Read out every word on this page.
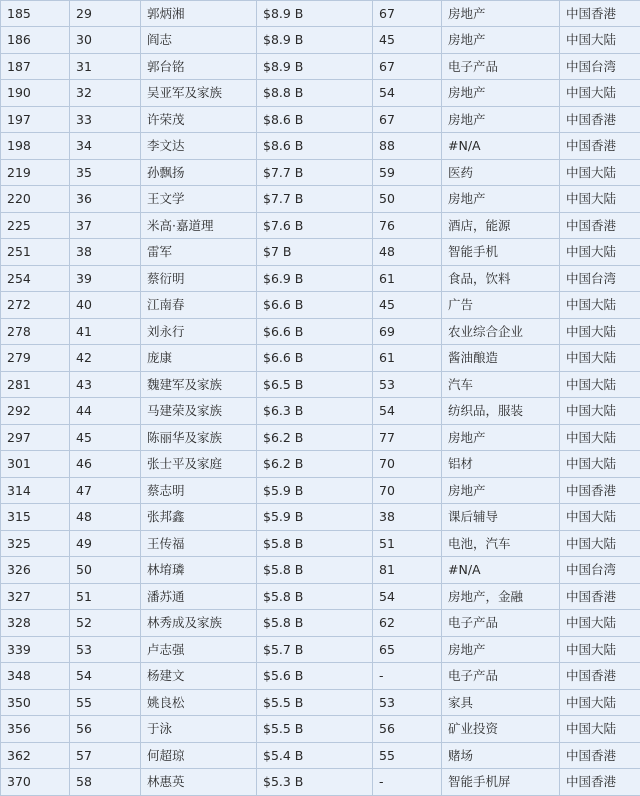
185	29	郭炳湘	$8.9 B	67	房地产	中国香港
186	30	阎志	$8.9 B	45	房地产	中国大陆
187	31	郭台铭	$8.9 B	67	电子产品	中国台湾
190	32	吴亚军及家族	$8.8 B	54	房地产	中国大陆
197	33	许荣茂	$8.6 B	67	房地产	中国香港
198	34	李文达	$8.6 B	88	#N/A	中国香港
219	35	孙飘扬	$7.7 B	59	医药	中国大陆
220	36	王文学	$7.7 B	50	房地产	中国大陆
225	37	米高·嘉道理	$7.6 B	76	酒店，能源	中国香港
251	38	雷军	$7 B	48	智能手机	中国大陆
254	39	蔡衍明	$6.9 B	61	食品，饮料	中国台湾
272	40	江南春	$6.6 B	45	广告	中国大陆
278	41	刘永行	$6.6 B	69	农业综合企业	中国大陆
279	42	庞康	$6.6 B	61	酱油酿造	中国大陆
281	43	魏建军及家族	$6.5 B	53	汽车	中国大陆
292	44	马建荣及家族	$6.3 B	54	纺织品，服装	中国大陆
297	45	陈丽华及家族	$6.2 B	77	房地产	中国大陆
301	46	张士平及家庭	$6.2 B	70	铝材	中国大陆
314	47	蔡志明	$5.9 B	70	房地产	中国香港
315	48	张邦鑫	$5.9 B	38	课后辅导	中国大陆
325	49	王传福	$5.8 B	51	电池，汽车	中国大陆
326	50	林堉璘	$5.8 B	81	#N/A	中国台湾
327	51	潘苏通	$5.8 B	54	房地产，金融	中国香港
328	52	林秀成及家族	$5.8 B	62	电子产品	中国大陆
339	53	卢志强	$5.7 B	65	房地产	中国大陆
348	54	杨建文	$5.6 B	-	电子产品	中国香港
350	55	姚良松	$5.5 B	53	家具	中国大陆
356	56	于泳	$5.5 B	56	矿业投资	中国大陆
362	57	何超琼	$5.4 B	55	赌场	中国香港
370	58	林惠英	$5.3 B	-	智能手机屏	中国香港
